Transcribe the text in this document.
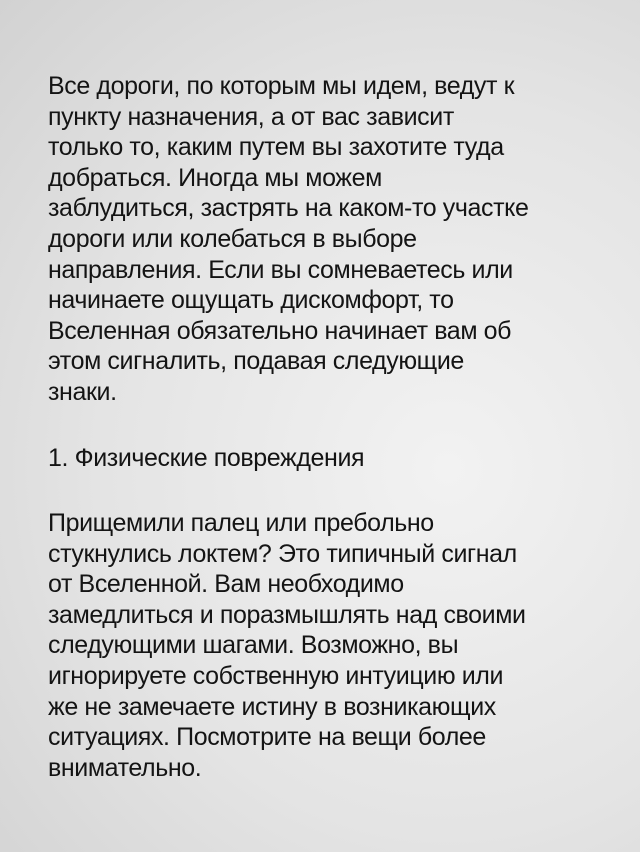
Все дороги, по которым мы идем, ведут к
пункту назначения, а от вас зависит
только то, каким путем вы захотите туда
добраться. Иногда мы можем
заблудиться, застрять на каком-то участке
дороги или колебаться в выборе
направления. Если вы сомневаетесь или
начинаете ощущать дискомфорт, то
Вселенная обязательно начинает вам об
этом сигналить, подавая следующие
знаки.

1. Физические повреждения

Прищемили палец или пребольно
стукнулись локтем? Это типичный сигнал
от Вселенной. Вам необходимо
замедлиться и поразмышлять над своими
следующими шагами. Возможно, вы
игнорируете собственную интуицию или
же не замечаете истину в возникающих
ситуациях. Посмотрите на вещи более
внимательно.
